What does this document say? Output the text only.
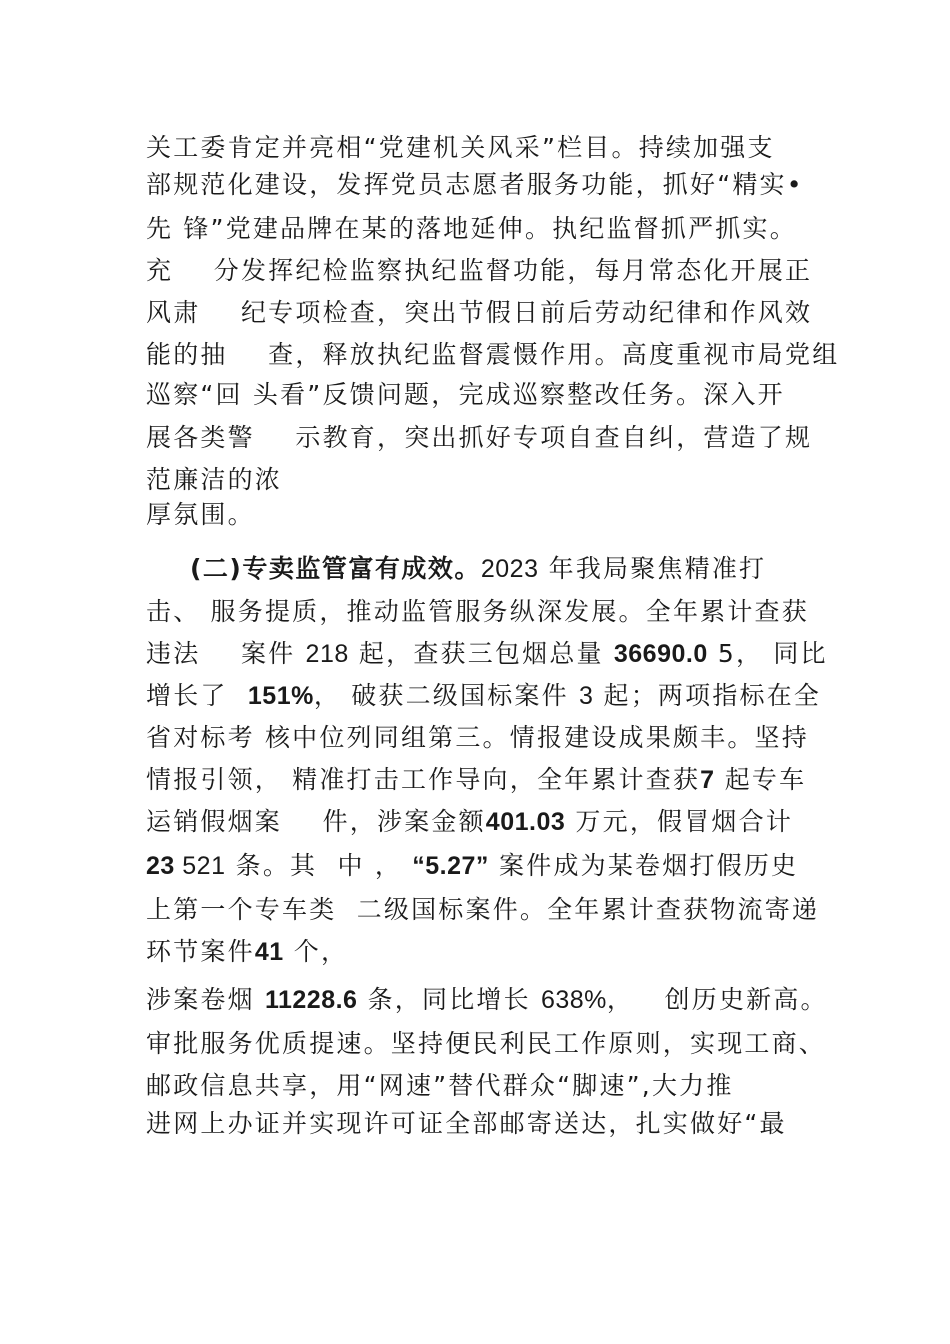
关工委肯定并亮相“党建机关风采”栏目。持续加强支
部规范化建设，发挥党员志愿者服务功能，抓好“精实•
先 锋”党建品牌在某的落地延伸。执纪监督抓严抓实。
充    分发挥纪检监察执纪监督功能，每月常态化开展正
风肃    纪专项检查，突出节假日前后劳动纪律和作风效
能的抽    查，释放执纪监督震慑作用。高度重视市局党组
巡察“回 头看”反馈问题，完成巡察整改任务。深入开
展各类警    示教育，突出抓好专项自查自纠，营造了规
范廉洁的浓
厚氛围。
(二)专卖监管富有成效。2023 年我局聚焦精准打
击、 服务提质，推动监管服务纵深发展。全年累计查获
违法    案件 218 起，查获三包烟总量 36690.0 5， 同比
增长了  151%， 破获二级国标案件 3 起；两项指标在全
省对标考 核中位列同组第三。情报建设成果颇丰。坚持
情报引领， 精准打击工作导向，全年累计查获7 起专车
运销假烟案    件，涉案金额401.03 万元，假冒烟合计
23 521 条。其  中 ， “5.27” 案件成为某卷烟打假历史
上第一个专车类  二级国标案件。全年累计查获物流寄递
环节案件41 个，
涉案卷烟 11228.6 条，同比增长 638%，   创历史新高。
审批服务优质提速。坚持便民利民工作原则，实现工商、
邮政信息共享，用“网速”替代群众“脚速”,大力推
进网上办证并实现许可证全部邮寄送达，扎实做好“最
